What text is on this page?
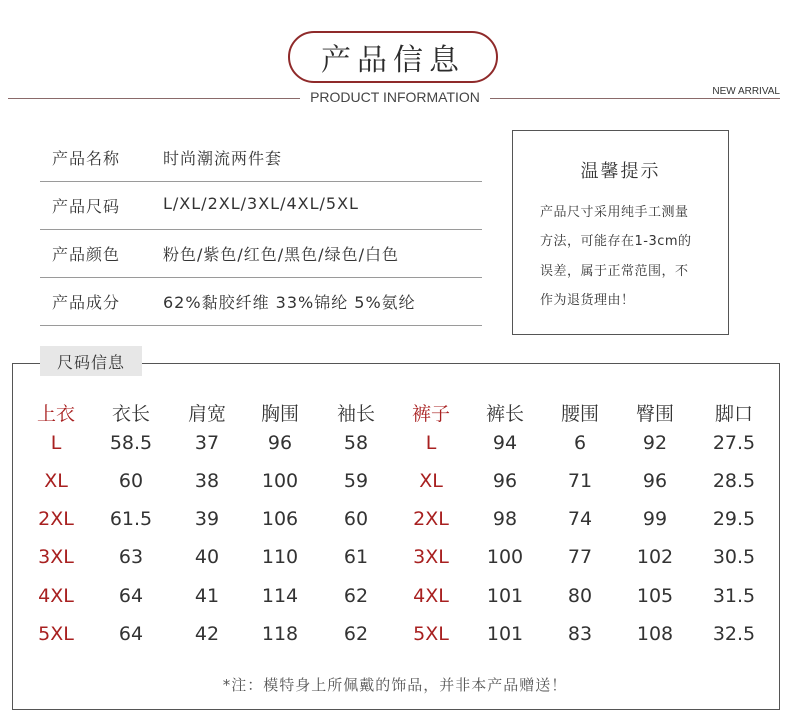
产品信息
PRODUCT INFORMATION	NEW ARRIVAL
产品名称	时尚潮流两件套
产品尺码	L/XL/2XL/3XL/4XL/5XL
产品颜色	粉色/紫色/红色/黑色/绿色/白色
产品成分	62%黏胶纤维 33%锦纶 5%氨纶
温馨提示
产品尺寸采用纯手工测量
方法，可能存在1-3cm的
误差，属于正常范围，不
作为退货理由！
尺码信息
上衣	衣长	肩宽	胸围	袖长	裤子	裤长	腰围	臀围	脚口
L	58.5	37	96	58	L	94	6	92	27.5
XL	60	38	100	59	XL	96	71	96	28.5
2XL	61.5	39	106	60	2XL	98	74	99	29.5
3XL	63	40	110	61	3XL	100	77	102	30.5
4XL	64	41	114	62	4XL	101	80	105	31.5
5XL	64	42	118	62	5XL	101	83	108	32.5
*注：模特身上所佩戴的饰品，并非本产品赠送！
